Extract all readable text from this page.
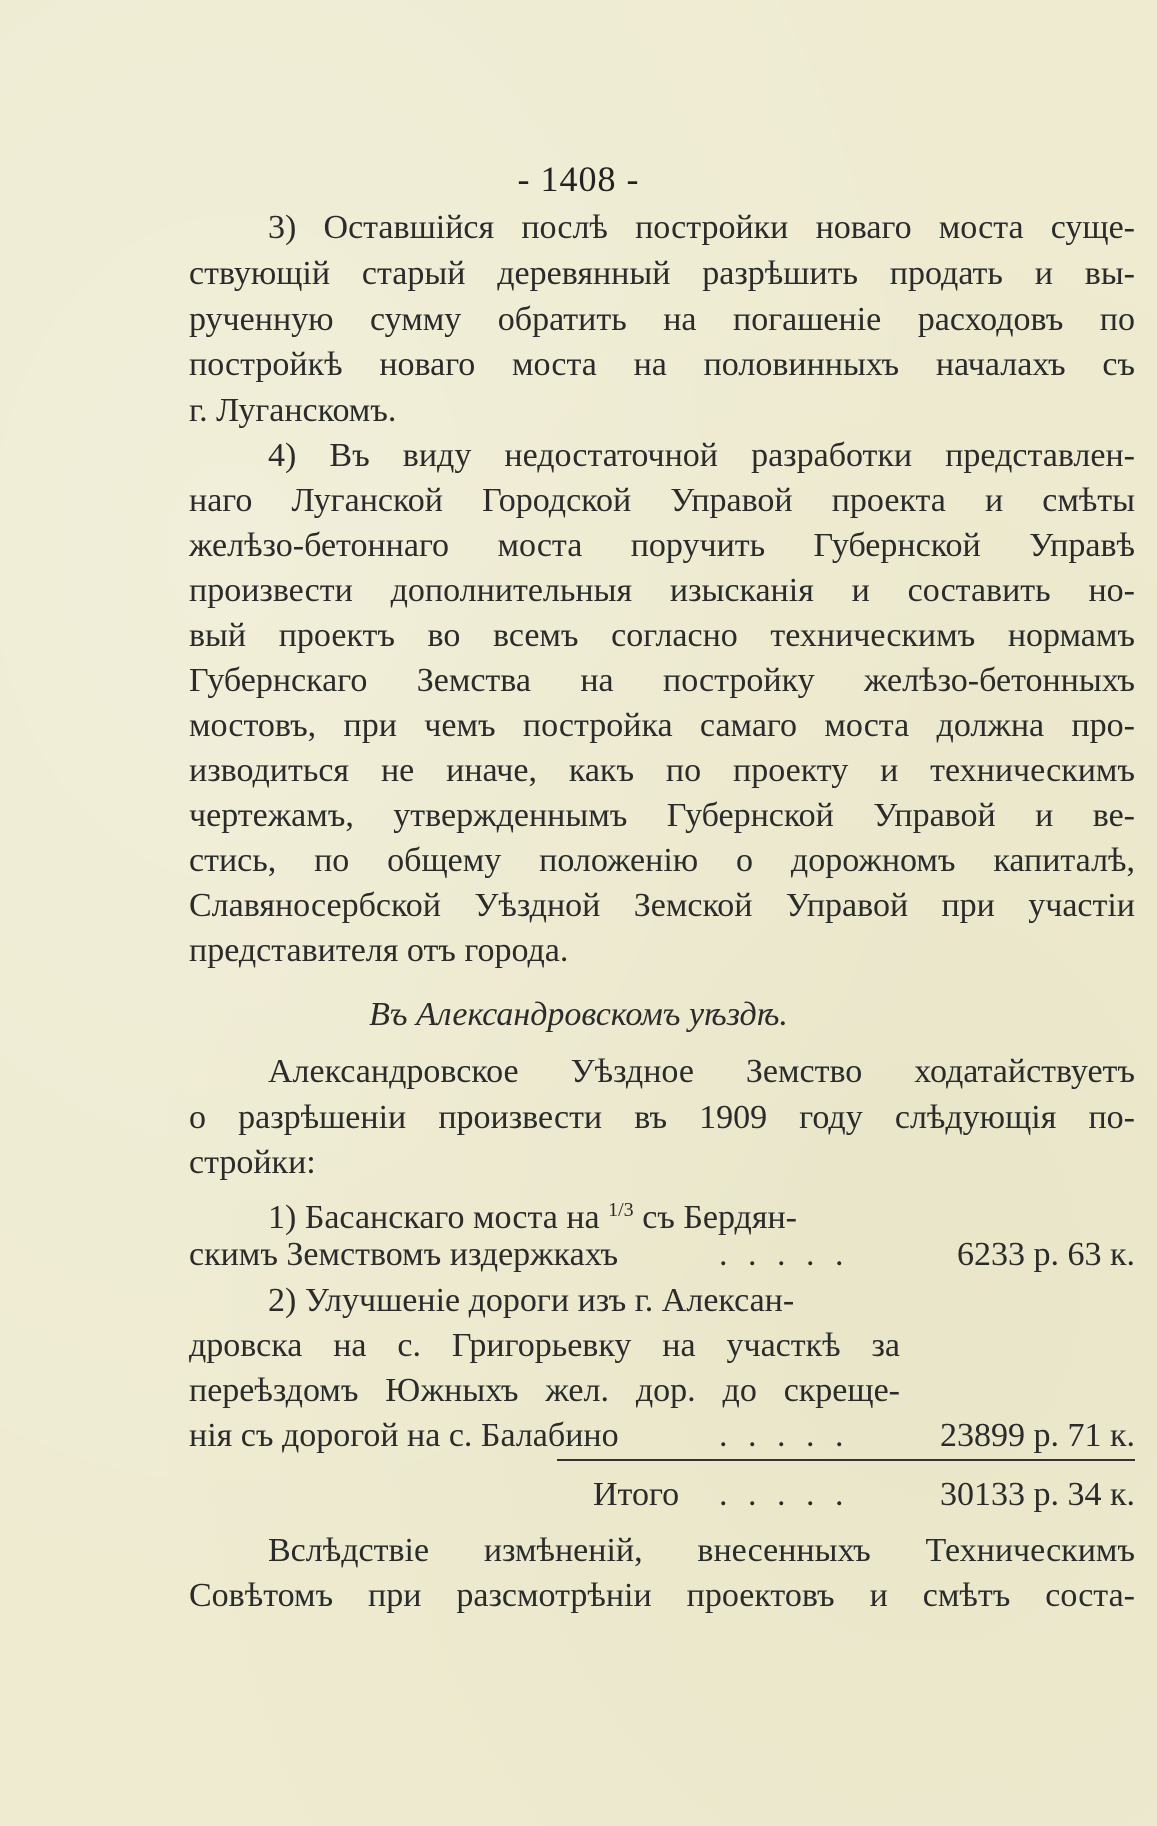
- 1408 -
3) Оставшійся послѣ постройки новаго моста суще-
ствующій старый деревянный разрѣшить продать и вы-
рученную сумму обратить на погашеніе расходовъ по
постройкѣ новаго моста на половинныхъ началахъ съ
г. Луганскомъ.
4) Въ виду недостаточной разработки представлен-
наго Луганской Городской Управой проекта и смѣты
желѣзо-бетоннаго моста поручить Губернской Управѣ
произвести дополнительныя изысканія и составить но-
вый проектъ во всемъ согласно техническимъ нормамъ
Губернскаго Земства на постройку желѣзо-бетонныхъ
мостовъ, при чемъ постройка самаго моста должна про-
изводиться не иначе, какъ по проекту и техническимъ
чертежамъ, утвержденнымъ Губернской Управой и ве-
стись, по общему положенію о дорожномъ капиталѣ,
Славяносербской Уѣздной Земской Управой при участіи
представителя отъ города.
Въ Александровскомъ уѣздѣ.
Александровское Уѣздное Земство ходатайствуетъ
о разрѣшеніи произвести въ 1909 году слѣдующія по-
стройки:
1) Басанскаго моста на $^{1/3}$ съ Бердян-
скимъ Земствомъ издержкахъ	. . . . .	6233 р. 63 к.
2) Улучшеніе дороги изъ г. Алексан-
дровска на с. Григорьевку на участкѣ за
переѣздомъ Южныхъ жел. дор. до скреще-
нія съ дорогой на с. Балабино	. . . . .	23899 р. 71 к.
Итого . . . . .	30133 р. 34 к.
Вслѣдствіе измѣненій, внесенныхъ Техническимъ
Совѣтомъ при разсмотрѣніи проектовъ и смѣтъ соста-
